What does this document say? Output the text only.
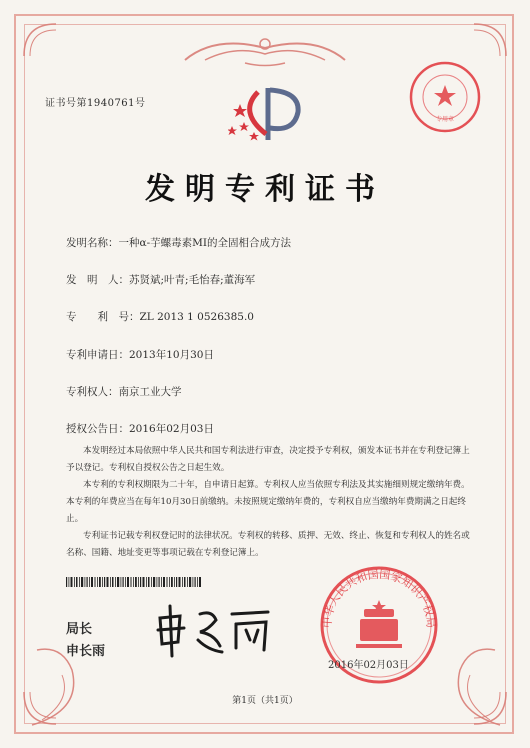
证书号第1940761号
专用章
发明专利证书
发明名称：一种α-芋螺毒素MI的全固相合成方法
发　明　人：苏贤斌;叶青;毛怡春;董海军
专　　利　号：ZL 2013 1 0526385.0
专利申请日：2013年10月30日
专利权人：南京工业大学
授权公告日：2016年02月03日

本发明经过本局依照中华人民共和国专利法进行审查，决定授予专利权，颁发本证书并在专利登记簿上予以登记。专利权自授权公告之日起生效。

本专利的专利权期限为二十年，自申请日起算。专利权人应当依照专利法及其实施细则规定缴纳年费。本专利的年费应当在每年10月30日前缴纳。未按照规定缴纳年费的，专利权自应当缴纳年费期满之日起终止。

专利证书记载专利权登记时的法律状况。专利权的转移、质押、无效、终止、恢复和专利权人的姓名或名称、国籍、地址变更等事项记载在专利登记簿上。

局长
申长雨
中华人民共和国国家知识产权局
2016年02月03日
第1页（共1页）
